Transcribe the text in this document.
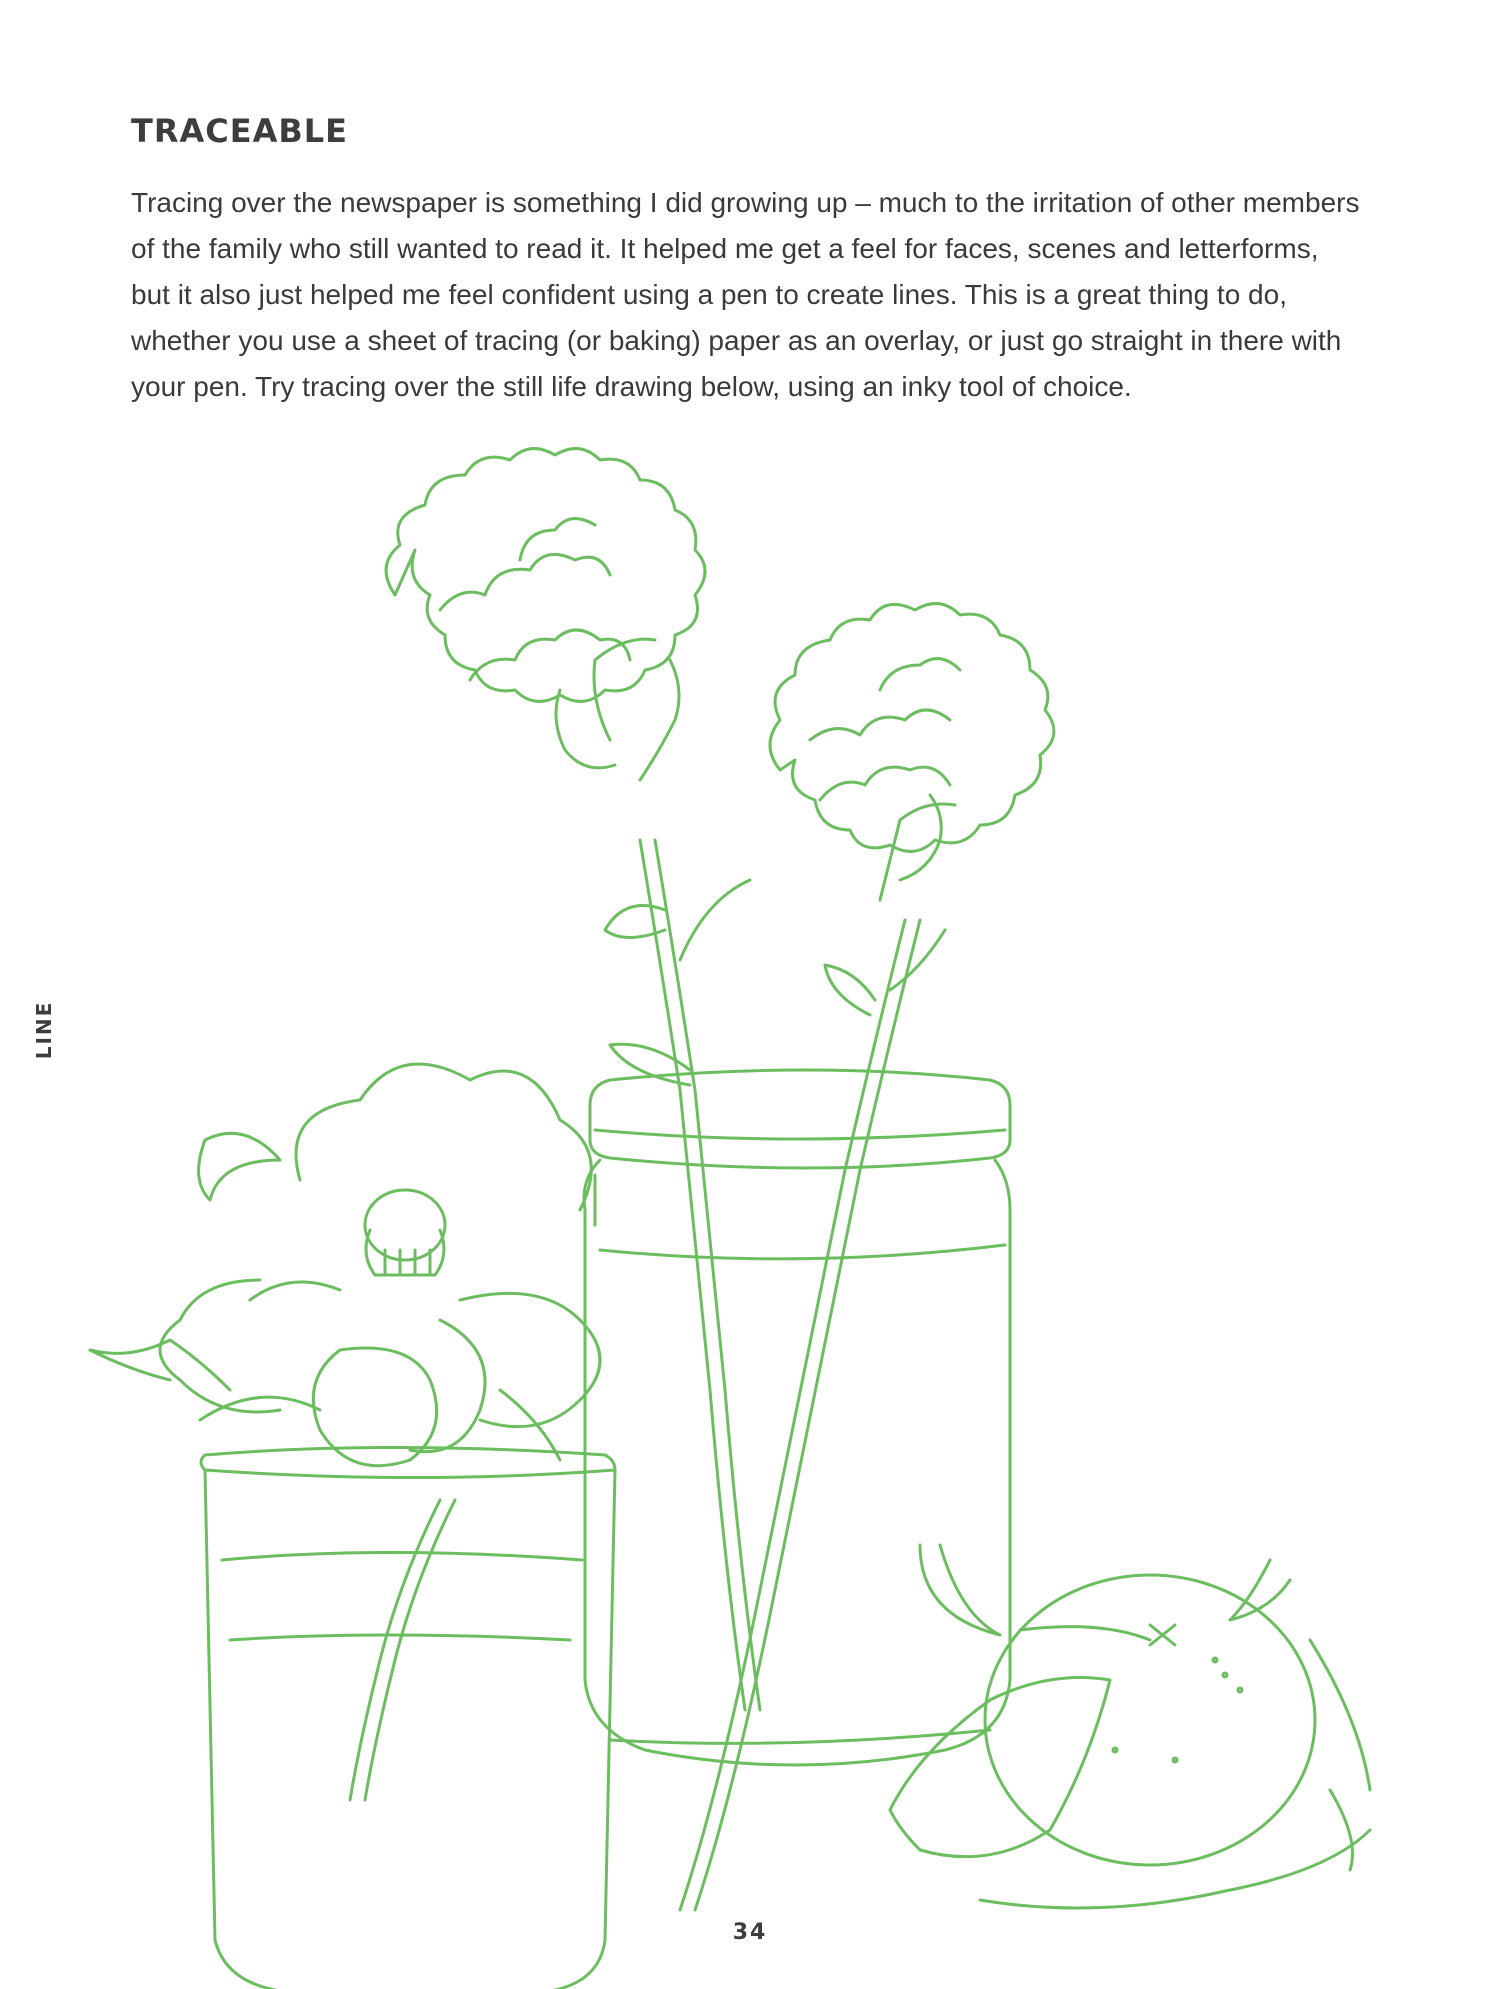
TRACEABLE

Tracing over the newspaper is something I did growing up – much to the irritation of other members of the family who still wanted to read it. It helped me get a feel for faces, scenes and letterforms, but it also just helped me feel confident using a pen to create lines. This is a great thing to do, whether you use a sheet of tracing (or baking) paper as an overlay, or just go straight in there with your pen. Try tracing over the still life drawing below, using an inky tool of choice.

LINE
34
